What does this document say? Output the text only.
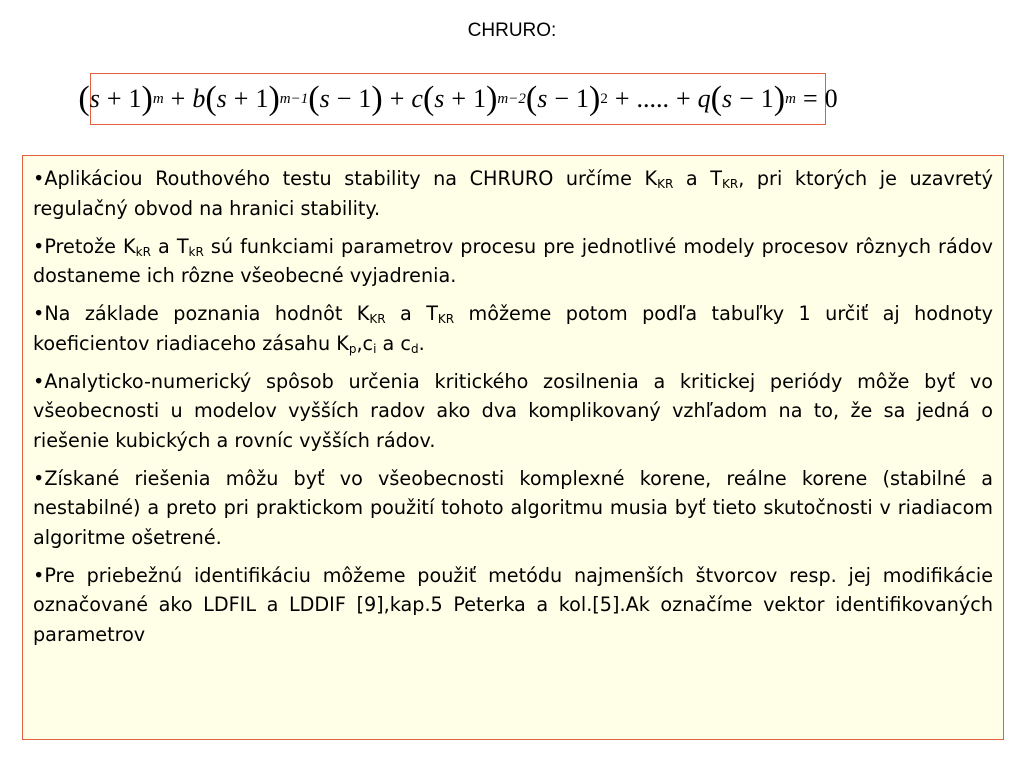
CHRURO:
( s + 1 ) m + b ( s + 1 ) m−1 ( s − 1 ) + c ( s + 1 ) m−2 ( s − 1 ) 2 + ..... + q ( s − 1 ) m = 0

•Aplikáciou Routhového testu stability na CHRURO určíme $K_{KR}$ a $T_{KR}$, pri ktorých je uzavretý regulačný obvod na hranici stability.

•Pretože $K_{kR}$ a $T_{kR}$ sú funkciami parametrov procesu pre jednotlivé modely procesov rôznych rádov dostaneme ich rôzne všeobecné vyjadrenia.

•Na základe poznania hodnôt $K_{KR}$ a $T_{KR}$ môžeme potom podľa tabuľky 1 určiť aj hodnoty koeficientov riadiaceho zásahu $K_p,c_i$ a $c_d$.

•Analyticko-numerický spôsob určenia kritického zosilnenia a kritickej periódy môže byť vo všeobecnosti u modelov vyšších radov ako dva komplikovaný vzhľadom na to, že sa jedná o riešenie kubických a rovníc vyšších rádov.

•Získané riešenia môžu byť vo všeobecnosti komplexné korene, reálne korene (stabilné a nestabilné) a preto pri praktickom použití tohoto algoritmu musia byť tieto skutočnosti v riadiacom algoritme ošetrené.

•Pre priebežnú identifikáciu môžeme použiť metódu najmenších štvorcov resp. jej modifikácie označované ako LDFIL a LDDIF [9],kap.5 Peterka a kol.[5].Ak označíme vektor identifikovaných parametrov
